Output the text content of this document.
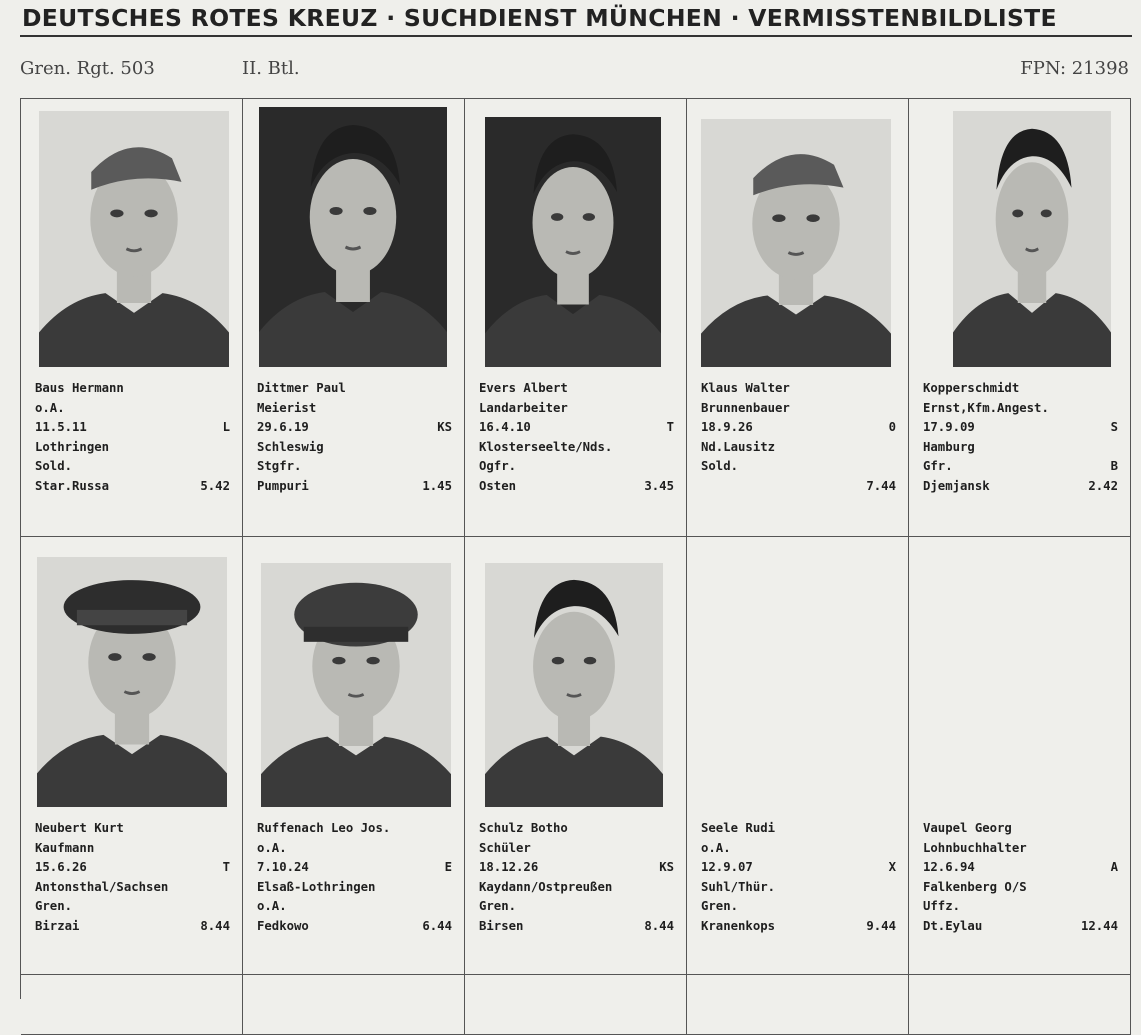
DEUTSCHES ROTES KREUZ · SUCHDIENST MÜNCHEN · VERMISSTENBILDLISTE
Gren. Rgt. 503	II. Btl.	FPN: 21398
Baus Hermann
o.A.
11.5.11	L
Lothringen
Sold.
Star.Russa	5.42
Dittmer Paul
Meierist
29.6.19	KS
Schleswig
Stgfr.
Pumpuri	1.45
Evers Albert
Landarbeiter
16.4.10	T
Klosterseelte/Nds.
Ogfr.
Osten	3.45
Klaus Walter
Brunnenbauer
18.9.26	0
Nd.Lausitz
Sold.
7.44
Kopperschmidt
Ernst,Kfm.Angest.
17.9.09	S
Hamburg
Gfr.	B
Djemjansk	2.42
Neubert Kurt
Kaufmann
15.6.26	T
Antonsthal/Sachsen
Gren.
Birzai	8.44
Ruffenach Leo Jos.
o.A.
7.10.24	E
Elsaß-Lothringen
o.A.
Fedkowo	6.44
Schulz Botho
Schüler
18.12.26	KS
Kaydann/Ostpreußen
Gren.
Birsen	8.44
Seele Rudi
o.A.
12.9.07	X
Suhl/Thür.
Gren.
Kranenkops	9.44
Vaupel Georg
Lohnbuchhalter
12.6.94	A
Falkenberg O/S
Uffz.
Dt.Eylau	12.44
